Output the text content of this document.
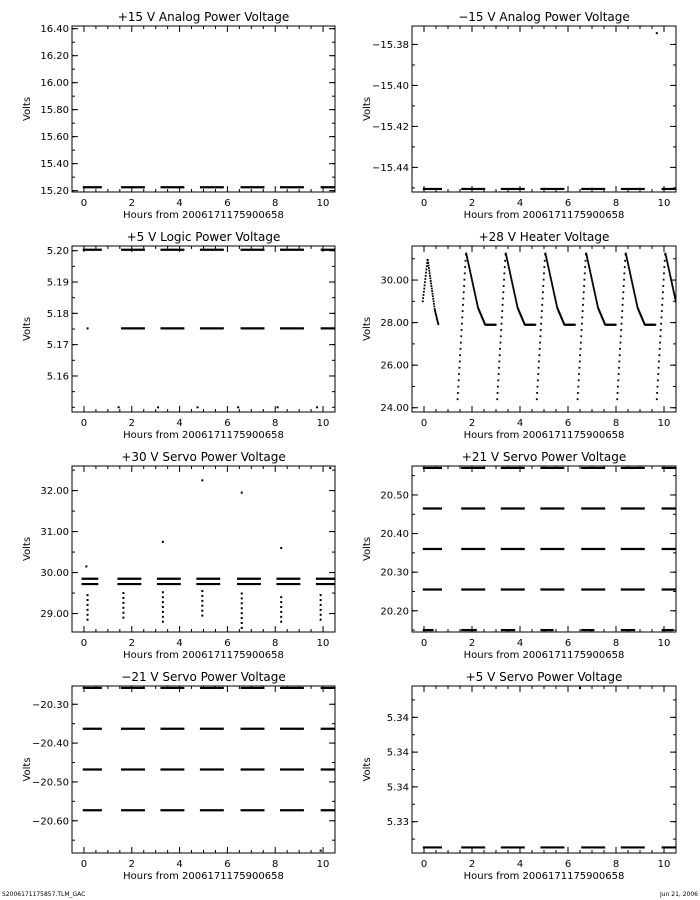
+15 V Analog Power Voltage
0	2	4	6	8	10
15.20
15.40
15.60
15.80
16.00
16.20
16.40
Hours from 2006171175900658
Volts
−15 V Analog Power Voltage
0	2	4	6	8	10
−15.44
−15.42
−15.40
−15.38
Hours from 2006171175900658
Volts
+5 V Logic Power Voltage
0	2	4	6	8	10
5.16
5.17
5.18
5.19
5.20
Hours from 2006171175900658
Volts
+28 V Heater Voltage
0	2	4	6	8	10
24.00
26.00
28.00
30.00
Hours from 2006171175900658
Volts
+30 V Servo Power Voltage
0	2	4	6	8	10
29.00
30.00
31.00
32.00
Hours from 2006171175900658
Volts
+21 V Servo Power Voltage
0	2	4	6	8	10
20.20
20.30
20.40
20.50
Hours from 2006171175900658
Volts
−21 V Servo Power Voltage
0	2	4	6	8	10
−20.60
−20.50
−20.40
−20.30
Hours from 2006171175900658
Volts
+5 V Servo Power Voltage
0	2	4	6	8	10
5.33
5.34
5.34
5.34
Hours from 2006171175900658
Volts
S2006171175857.TLM_GAC	Jun 21, 2006
